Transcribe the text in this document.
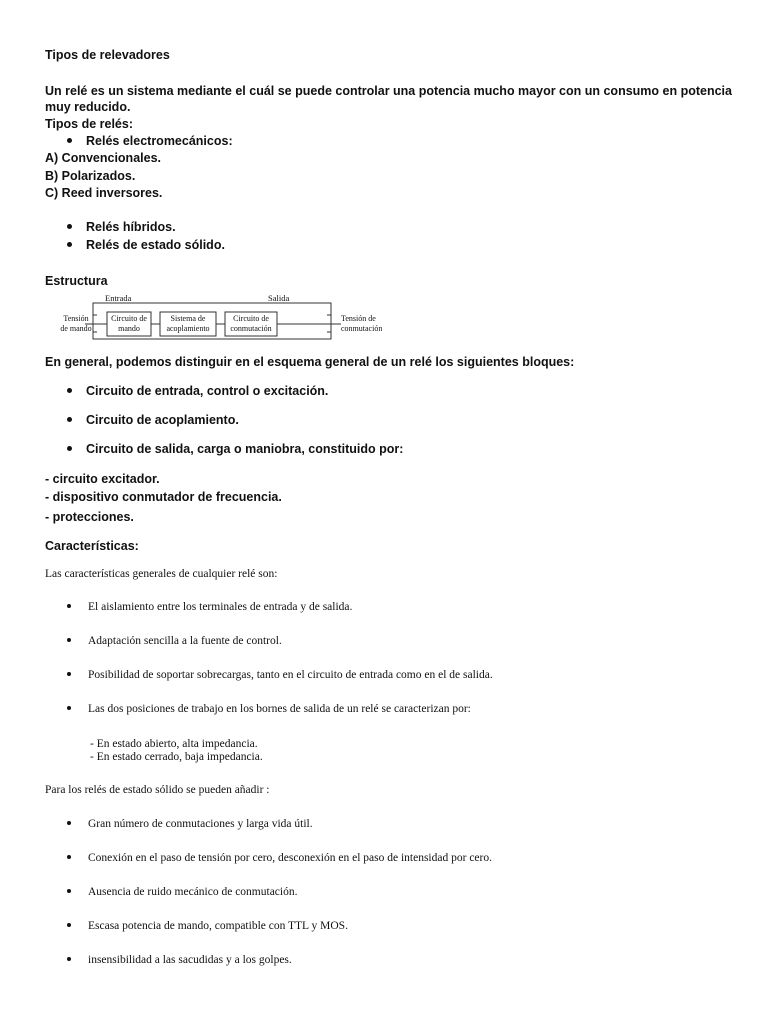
Tipos de relevadores
Un relé es un sistema mediante el cuál se puede controlar una potencia mucho mayor con un consumo en potencia muy reducido.
Tipos de relés:
Relés electromecánicos:
A) Convencionales.
B) Polarizados.
C) Reed inversores.
Relés híbridos.
Relés de estado sólido.
Estructura
Entrada	Salida
Tensión
de mando
Circuito de
mando
Sistema de
acoplamiento
Circuito de
conmutación
Tensión de
conmutación
En general, podemos distinguir en el esquema general de un relé los siguientes bloques:
Circuito de entrada, control o excitación.
Circuito de acoplamiento.
Circuito de salida, carga o maniobra, constituido por:
- circuito excitador.
- dispositivo conmutador de frecuencia.
- protecciones.
Características:
Las características generales de cualquier relé son:
El aislamiento entre los terminales de entrada y de salida.
Adaptación sencilla a la fuente de control.
Posibilidad de soportar sobrecargas, tanto en el circuito de entrada como en el de salida.
Las dos posiciones de trabajo en los bornes de salida de un relé se caracterizan por:
- En estado abierto, alta impedancia.
- En estado cerrado, baja impedancia.
Para los relés de estado sólido se pueden añadir :
Gran número de conmutaciones y larga vida útil.
Conexión en el paso de tensión por cero, desconexión en el paso de intensidad por cero.
Ausencia de ruido mecánico de conmutación.
Escasa potencia de mando, compatible con TTL y MOS.
insensibilidad a las sacudidas y a los golpes.
